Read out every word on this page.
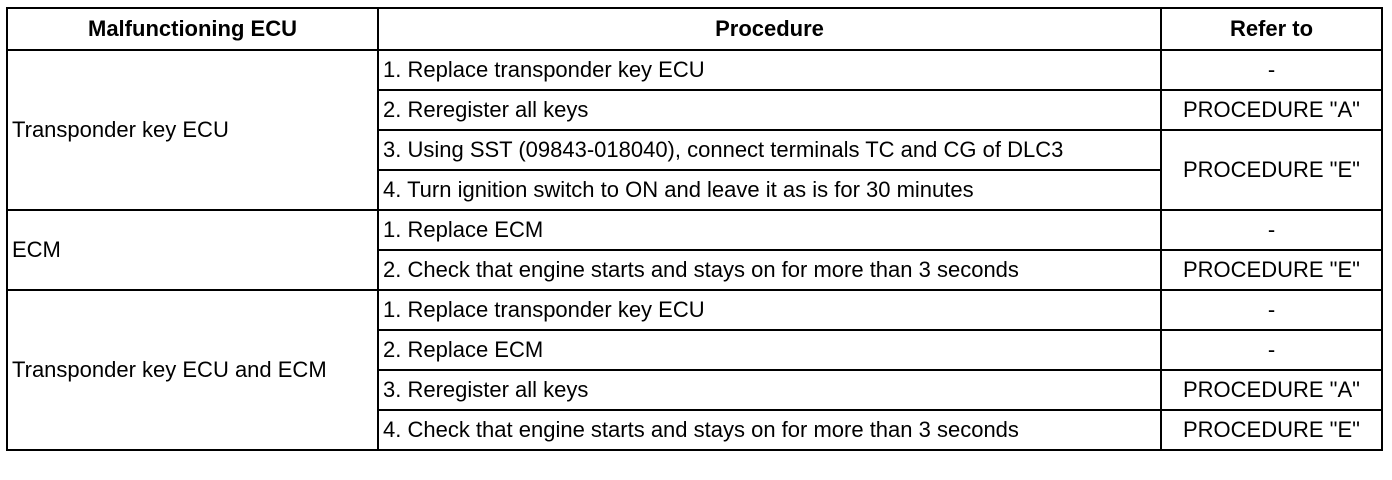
Malfunctioning ECU	Procedure	Refer to
Transponder key ECU	1. Replace transponder key ECU	-
	2. Reregister all keys	PROCEDURE "A"
	3. Using SST (09843-018040), connect terminals TC and CG of DLC3	PROCEDURE "E"
	4. Turn ignition switch to ON and leave it as is for 30 minutes	
ECM	1. Replace ECM	-
	2. Check that engine starts and stays on for more than 3 seconds	PROCEDURE "E"
Transponder key ECU and ECM	1. Replace transponder key ECU	-
	2. Replace ECM	-
	3. Reregister all keys	PROCEDURE "A"
	4. Check that engine starts and stays on for more than 3 seconds	PROCEDURE "E"
